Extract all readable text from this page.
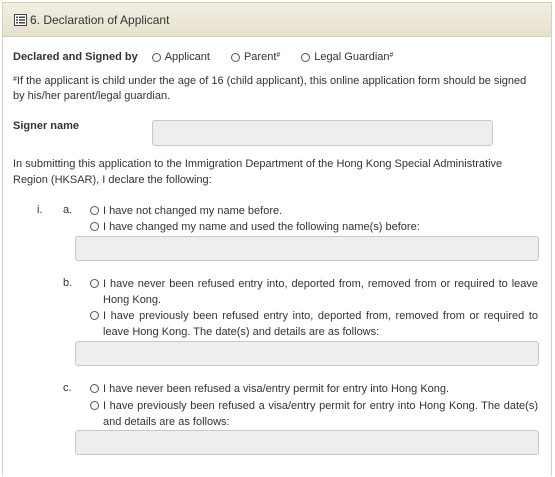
6. Declaration of Applicant
Declared and Signed by Applicant	Parent#	Legal Guardian#
#If the applicant is child under the age of 16 (child applicant), this online application form should be signed by his/her parent/legal guardian.
Signer name
In submitting this application to the Immigration Department of the Hong Kong Special Administrative Region (HKSAR), I declare the following:
i. a.	I have not changed my name before.
I have changed my name and used the following name(s) before:
b.	I have never been refused entry into, deported from, removed from or required to leave Hong Kong.
I have previously been refused entry into, deported from, removed from or required to leave Hong Kong. The date(s) and details are as follows:
c.	I have never been refused a visa/entry permit for entry into Hong Kong.
I have previously been refused a visa/entry permit for entry into Hong Kong. The date(s) and details are as follows:
